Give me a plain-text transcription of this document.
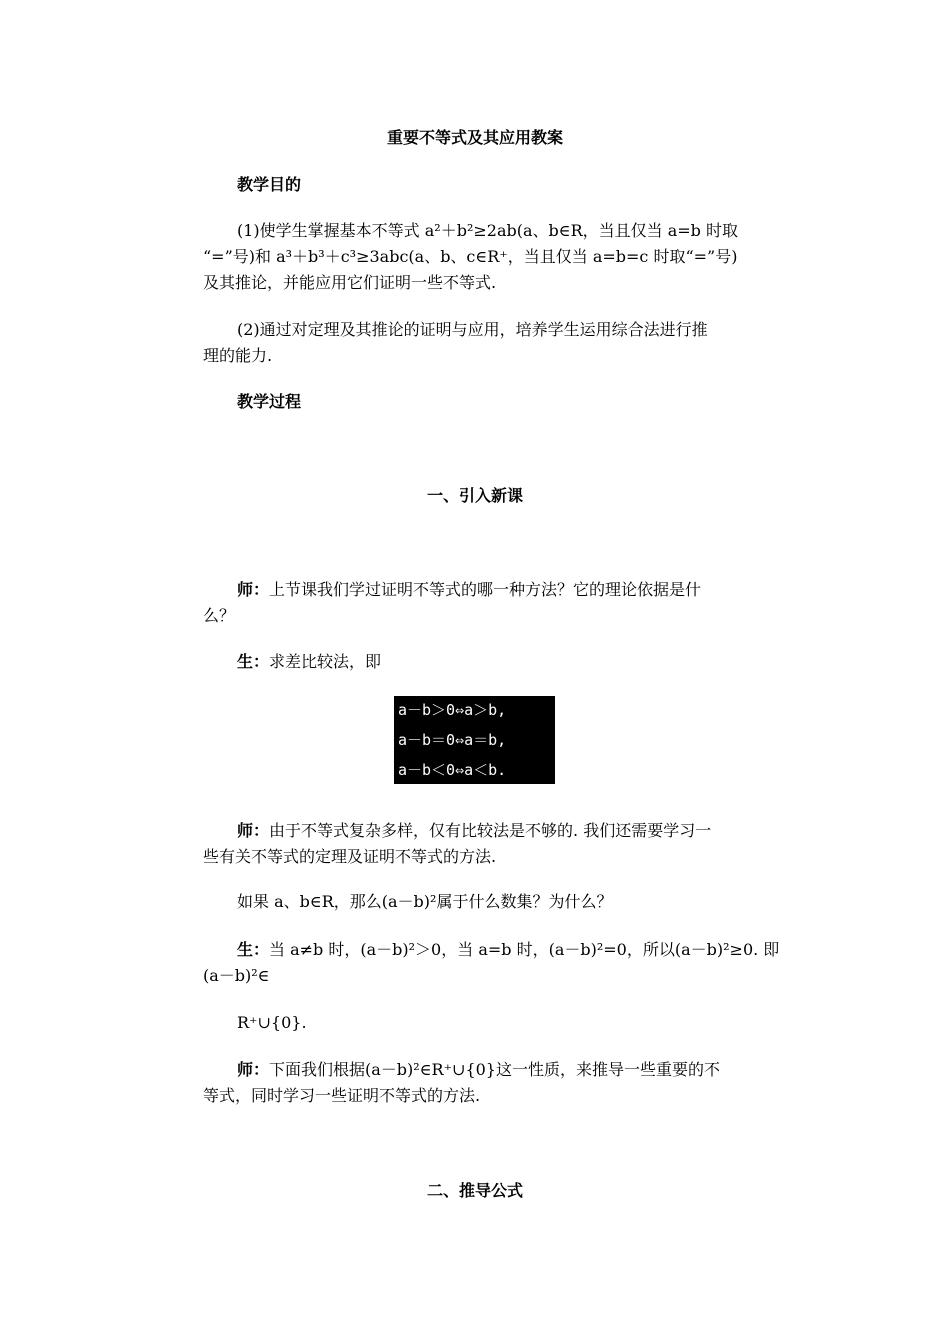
重要不等式及其应用教案
教学目的
(1)使学生掌握基本不等式 a²＋b²≥2ab(a、b∈R，当且仅当 a=b 时取
“=”号)和 a³＋b³＋c³≥3abc(a、b、c∈R⁺，当且仅当 a=b=c 时取“=”号)
及其推论，并能应用它们证明一些不等式.
(2)通过对定理及其推论的证明与应用，培养学生运用综合法进行推
理的能力.
教学过程
一、引入新课
师：上节课我们学过证明不等式的哪一种方法？它的理论依据是什
么？
生：求差比较法，即
a－b＞0⇔a＞b,
a－b＝0⇔a＝b,
a－b＜0⇔a＜b.
师：由于不等式复杂多样，仅有比较法是不够的. 我们还需要学习一
些有关不等式的定理及证明不等式的方法.
如果 a、b∈R，那么(a－b)²属于什么数集？为什么？
生：当 a≠b 时，(a－b)²＞0，当 a=b 时，(a－b)²=0，所以(a－b)²≥0. 即
(a－b)²∈
R⁺∪{0}.
师：下面我们根据(a－b)²∈R⁺∪{0}这一性质，来推导一些重要的不
等式，同时学习一些证明不等式的方法.
二、推导公式
